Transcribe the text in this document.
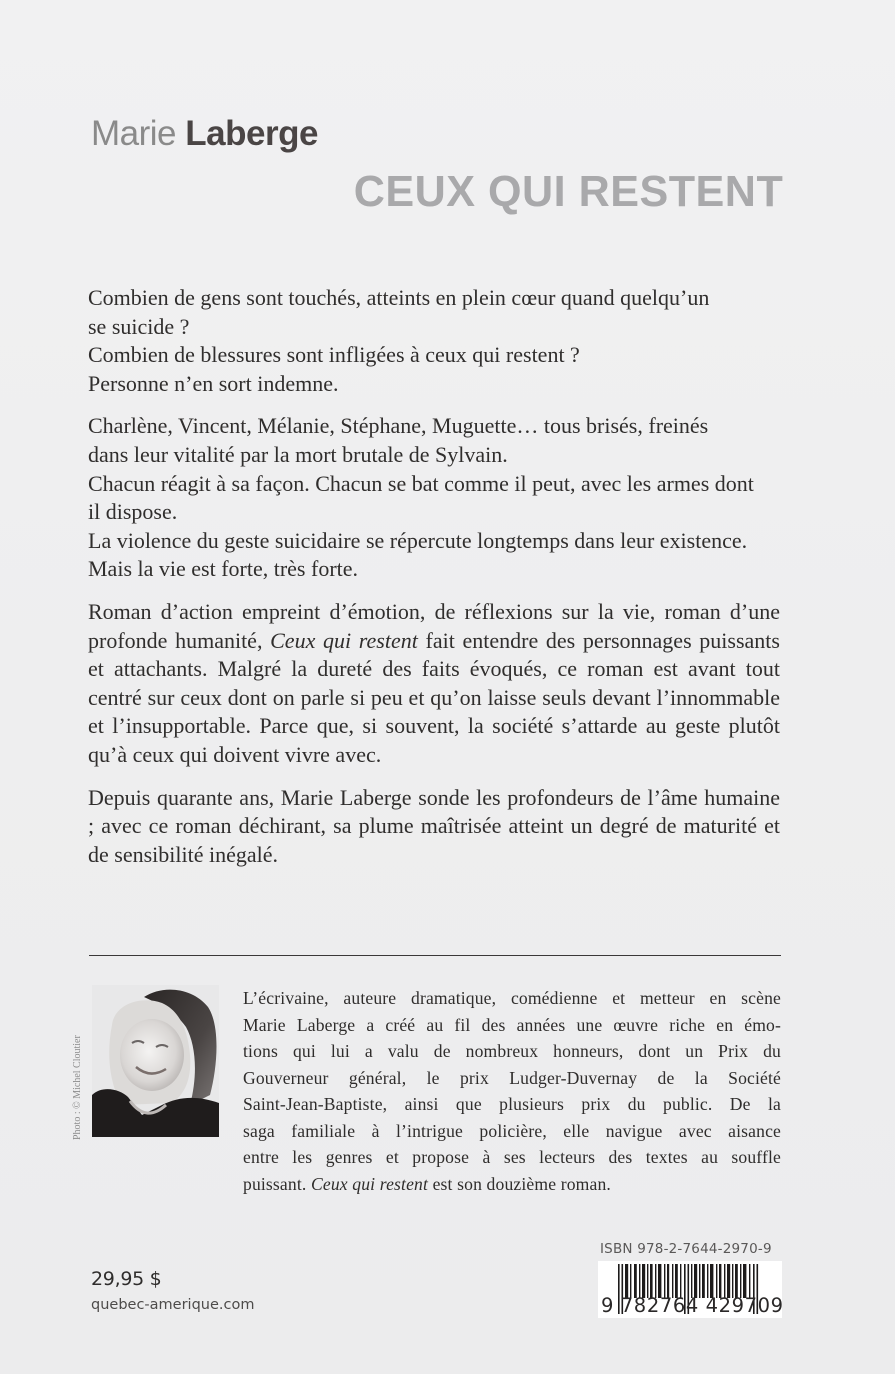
Marie Laberge
CEUX QUI RESTENT

Combien de gens sont touchés, atteints en plein cœur quand quelqu’un
se suicide ?
Combien de blessures sont infligées à ceux qui restent ?
Personne n’en sort indemne.

Charlène, Vincent, Mélanie, Stéphane, Muguette… tous brisés, freinés
dans leur vitalité par la mort brutale de Sylvain.
Chacun réagit à sa façon. Chacun se bat comme il peut, avec les armes dont
il dispose.
La violence du geste suicidaire se répercute longtemps dans leur existence.
Mais la vie est forte, très forte.

Roman d’action empreint d’émotion, de réflexions sur la vie, roman d’une profonde humanité, Ceux qui restent fait entendre des personnages puissants et attachants. Malgré la dureté des faits évoqués, ce roman est avant tout centré sur ceux dont on parle si peu et qu’on laisse seuls devant l’innommable et l’insupportable. Parce que, si souvent, la société s’attarde au geste plutôt qu’à ceux qui doivent vivre avec.

Depuis quarante ans, Marie Laberge sonde les profondeurs de l’âme humaine ; avec ce roman déchirant, sa plume maîtrisée atteint un degré de maturité et de sensibilité inégalé.

Photo : © Michel Cloutier
L’écrivaine, auteure dramatique, comédienne et metteur en scène
Marie Laberge a créé au fil des années une œuvre riche en émo-
tions qui lui a valu de nombreux honneurs, dont un Prix du
Gouverneur général, le prix Ludger-Duvernay de la Société
Saint-Jean-Baptiste, ainsi que plusieurs prix du public. De la
saga familiale à l’intrigue policière, elle navigue avec aisance
entre les genres et propose à ses lecteurs des textes au souffle
puissant. Ceux qui restent est son douzième roman.
29,95 $
quebec-amerique.com
ISBN 978-2-7644-2970-9
9 782764 429709
